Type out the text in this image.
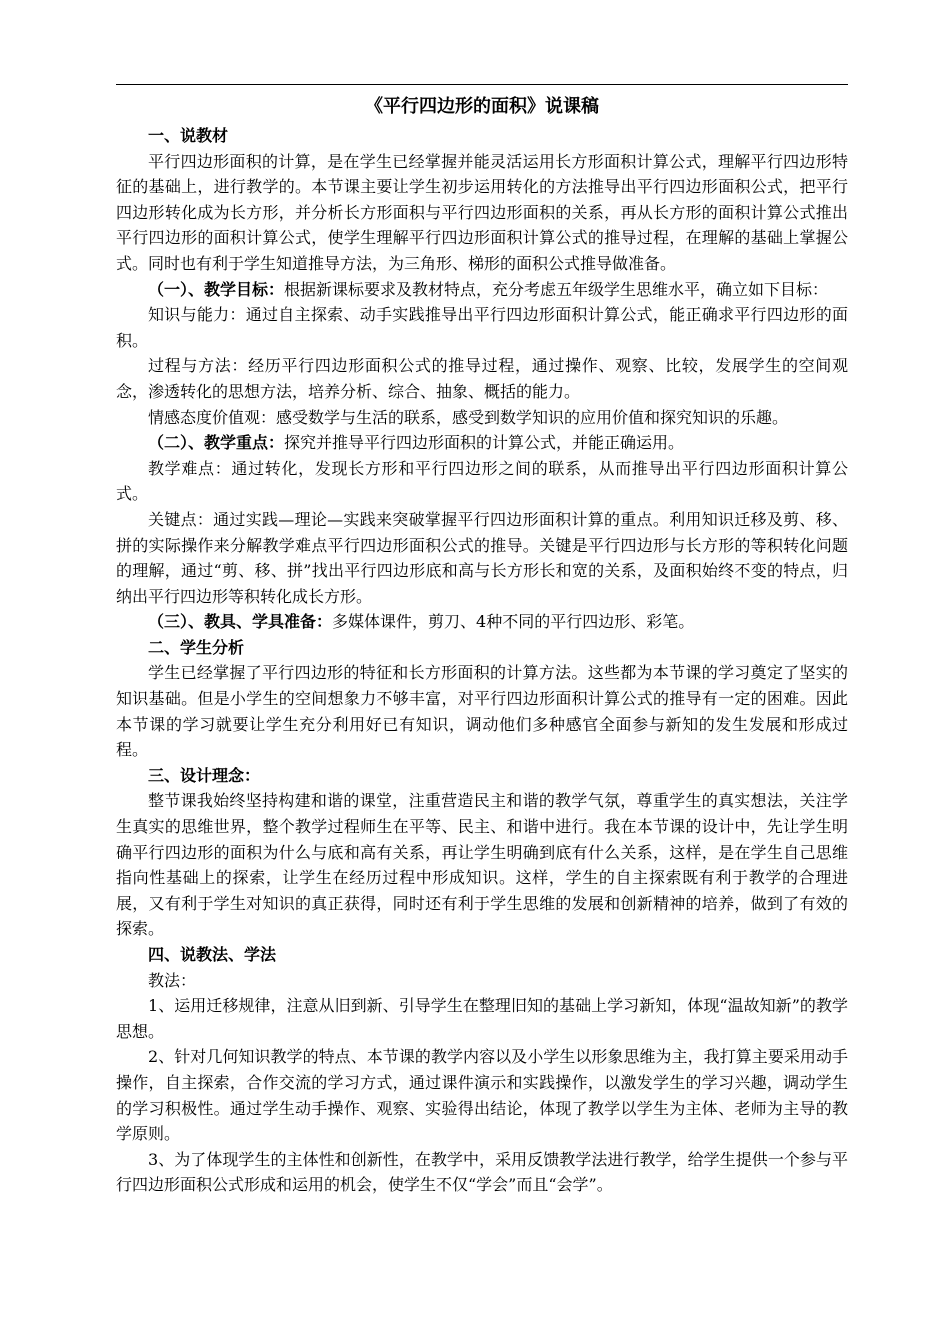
《平行四边形的面积》说课稿

一、说教材

平行四边形面积的计算，是在学生已经掌握并能灵活运用长方形面积计算公式，理解平行四边形特征的基础上，进行教学的。本节课主要让学生初步运用转化的方法推导出平行四边形面积公式，把平行四边形转化成为长方形，并分析长方形面积与平行四边形面积的关系，再从长方形的面积计算公式推出平行四边形的面积计算公式，使学生理解平行四边形面积计算公式的推导过程，在理解的基础上掌握公式。同时也有利于学生知道推导方法，为三角形、梯形的面积公式推导做准备。

（一）、教学目标：根据新课标要求及教材特点，充分考虑五年级学生思维水平，确立如下目标：

知识与能力：通过自主探索、动手实践推导出平行四边形面积计算公式，能正确求平行四边形的面积。

过程与方法：经历平行四边形面积公式的推导过程，通过操作、观察、比较，发展学生的空间观念，渗透转化的思想方法，培养分析、综合、抽象、概括的能力。

情感态度价值观：感受数学与生活的联系，感受到数学知识的应用价值和探究知识的乐趣。

（二）、教学重点：探究并推导平行四边形面积的计算公式，并能正确运用。

教学难点：通过转化，发现长方形和平行四边形之间的联系，从而推导出平行四边形面积计算公式。

关键点：通过实践—理论—实践来突破掌握平行四边形面积计算的重点。利用知识迁移及剪、移、拼的实际操作来分解教学难点平行四边形面积公式的推导。关键是平行四边形与长方形的等积转化问题的理解，通过“剪、移、拼”找出平行四边形底和高与长方形长和宽的关系，及面积始终不变的特点，归纳出平行四边形等积转化成长方形。

（三）、教具、学具准备：多媒体课件，剪刀、4种不同的平行四边形、彩笔。

二、学生分析

学生已经掌握了平行四边形的特征和长方形面积的计算方法。这些都为本节课的学习奠定了坚实的知识基础。但是小学生的空间想象力不够丰富，对平行四边形面积计算公式的推导有一定的困难。因此本节课的学习就要让学生充分利用好已有知识，调动他们多种感官全面参与新知的发生发展和形成过程。

三、设计理念：

整节课我始终坚持构建和谐的课堂，注重营造民主和谐的教学气氛，尊重学生的真实想法，关注学生真实的思维世界，整个教学过程师生在平等、民主、和谐中进行。我在本节课的设计中，先让学生明确平行四边形的面积为什么与底和高有关系，再让学生明确到底有什么关系，这样，是在学生自己思维指向性基础上的探索，让学生在经历过程中形成知识。这样，学生的自主探索既有利于教学的合理进展，又有利于学生对知识的真正获得，同时还有利于学生思维的发展和创新精神的培养，做到了有效的探索。

四、说教法、学法

教法：

1、运用迁移规律，注意从旧到新、引导学生在整理旧知的基础上学习新知，体现“温故知新”的教学思想。

2、针对几何知识教学的特点、本节课的教学内容以及小学生以形象思维为主，我打算主要采用动手操作，自主探索，合作交流的学习方式，通过课件演示和实践操作，以激发学生的学习兴趣，调动学生的学习积极性。通过学生动手操作、观察、实验得出结论，体现了教学以学生为主体、老师为主导的教学原则。

3、为了体现学生的主体性和创新性，在教学中，采用反馈教学法进行教学，给学生提供一个参与平行四边形面积公式形成和运用的机会，使学生不仅“学会”而且“会学”。
